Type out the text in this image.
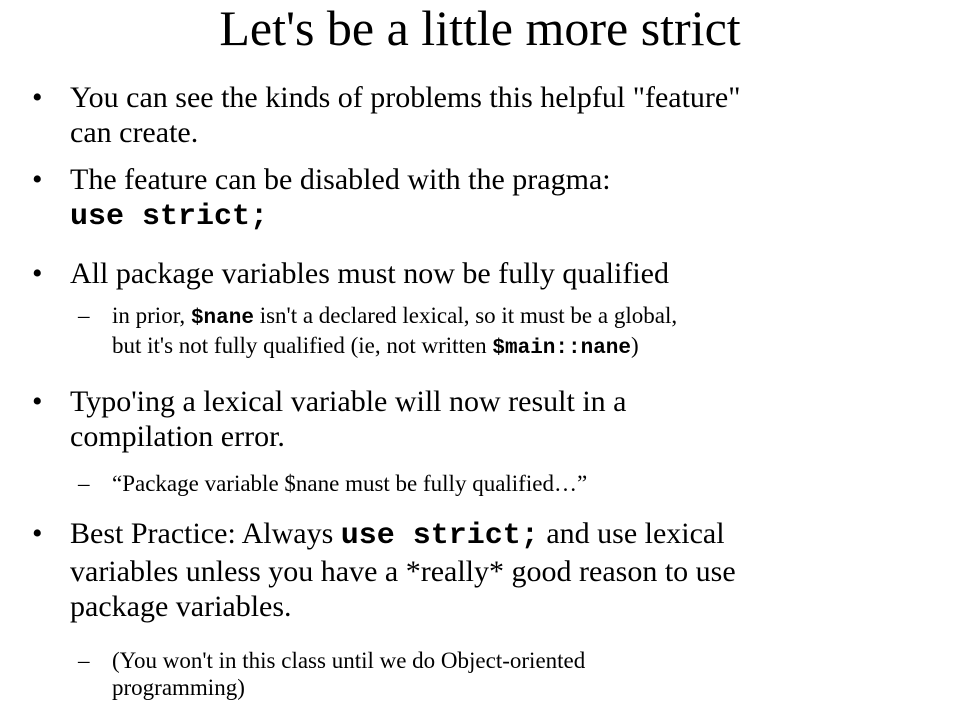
Let's be a little more strict
• You can see the kinds of problems this helpful "feature"
can create.
• The feature can be disabled with the pragma:
use strict;
• All package variables must now be fully qualified
– in prior, $nane isn't a declared lexical, so it must be a global,
but it's not fully qualified (ie, not written $main::nane)
• Typo'ing a lexical variable will now result in a
compilation error.
– “Package variable $nane must be fully qualified…”
• Best Practice: Always use strict; and use lexical
variables unless you have a *really* good reason to use
package variables.
– (You won't in this class until we do Object-oriented
programming)
